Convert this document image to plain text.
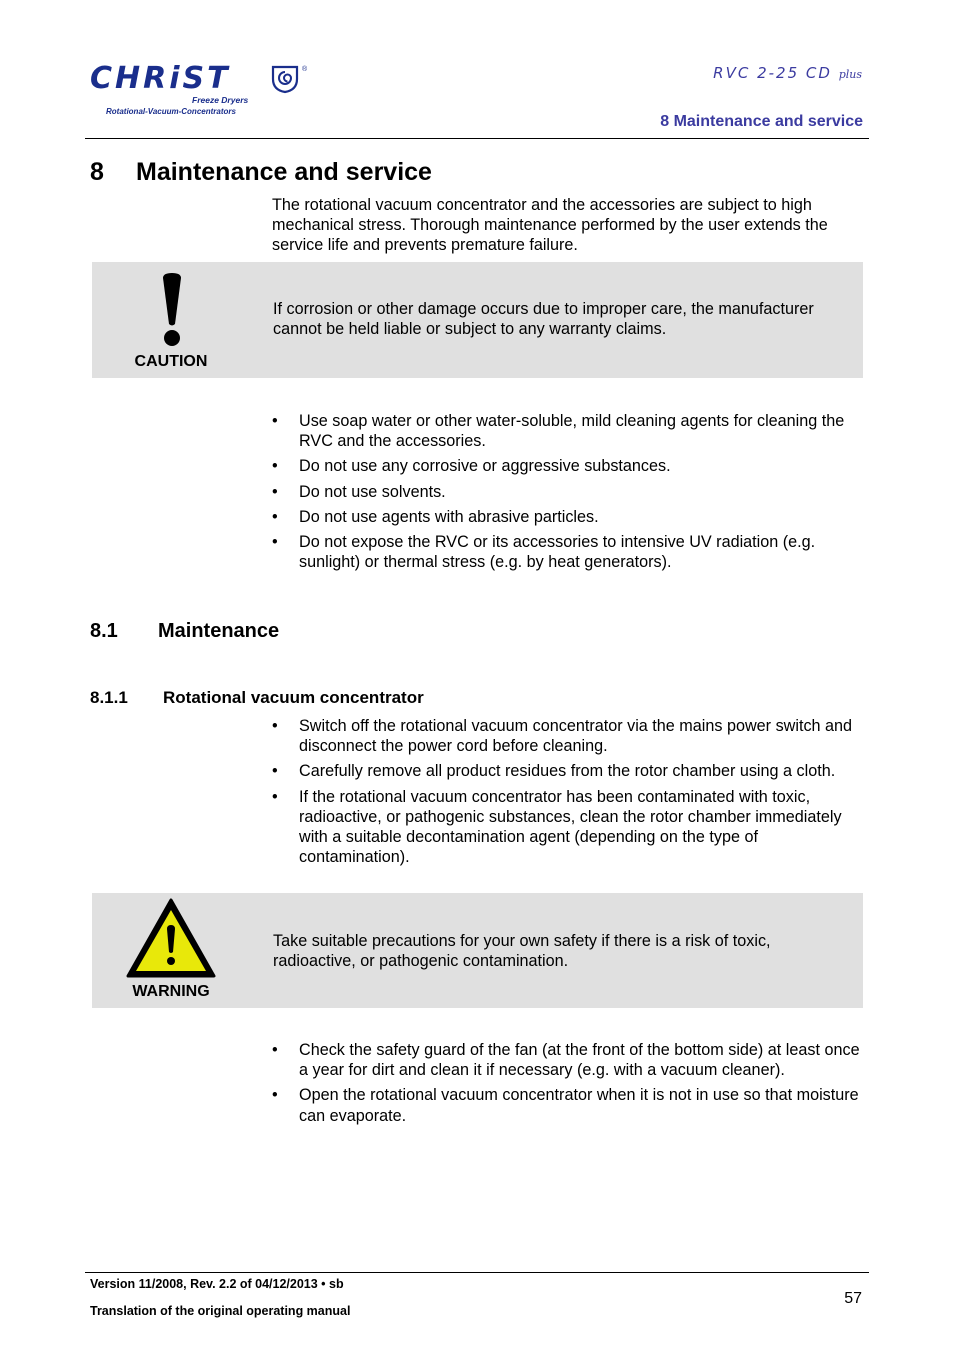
CHRiST	®
Freeze Dryers
Rotational-Vacuum-Concentrators
RVC 2-25 CD plus
8 Maintenance and service
8 Maintenance and service
The rotational vacuum concentrator and the accessories are subject to high mechanical stress. Thorough maintenance performed by the user extends the service life and prevents premature failure.
CAUTION
If corrosion or other damage occurs due to improper care, the manufacturer cannot be held liable or subject to any warranty claims.
• Use soap water or other water-soluble, mild cleaning agents for cleaning the RVC and the accessories.
• Do not use any corrosive or aggressive substances.
• Do not use solvents.
• Do not use agents with abrasive particles.
• Do not expose the RVC or its accessories to intensive UV radiation (e.g. sunlight) or thermal stress (e.g. by heat generators).
8.1 Maintenance
8.1.1 Rotational vacuum concentrator
• Switch off the rotational vacuum concentrator via the mains power switch and disconnect the power cord before cleaning.
• Carefully remove all product residues from the rotor chamber using a cloth.
• If the rotational vacuum concentrator has been contaminated with toxic, radioactive, or pathogenic substances, clean the rotor chamber immediately with a suitable decontamination agent (depending on the type of contamination).
WARNING
Take suitable precautions for your own safety if there is a risk of toxic, radioactive, or pathogenic contamination.
• Check the safety guard of the fan (at the front of the bottom side) at least once a year for dirt and clean it if necessary (e.g. with a vacuum cleaner).
• Open the rotational vacuum concentrator when it is not in use so that moisture can evaporate.
Version 11/2008, Rev. 2.2 of 04/12/2013 • sb
Translation of the original operating manual
57
